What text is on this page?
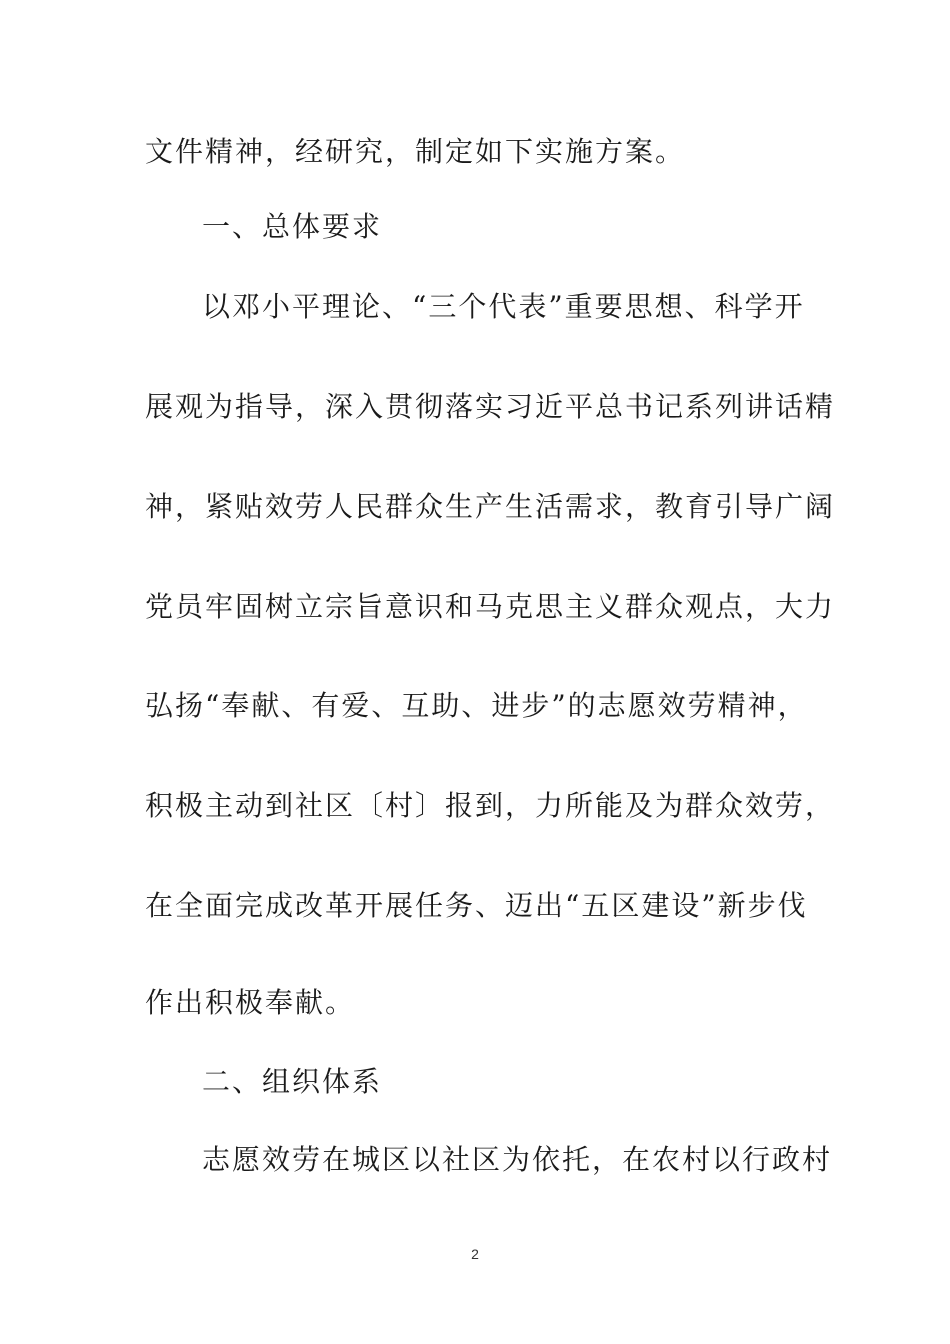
文件精神，经研究，制定如下实施方案。
一、总体要求
以邓小平理论、“三个代表”重要思想、科学开
展观为指导，深入贯彻落实习近平总书记系列讲话精
神，紧贴效劳人民群众生产生活需求，教育引导广阔
党员牢固树立宗旨意识和马克思主义群众观点，大力
弘扬“奉献、有爱、互助、进步”的志愿效劳精神，
积极主动到社区〔村〕报到，力所能及为群众效劳，
在全面完成改革开展任务、迈出“五区建设”新步伐
作出积极奉献。
二、组织体系
志愿效劳在城区以社区为依托，在农村以行政村
2
